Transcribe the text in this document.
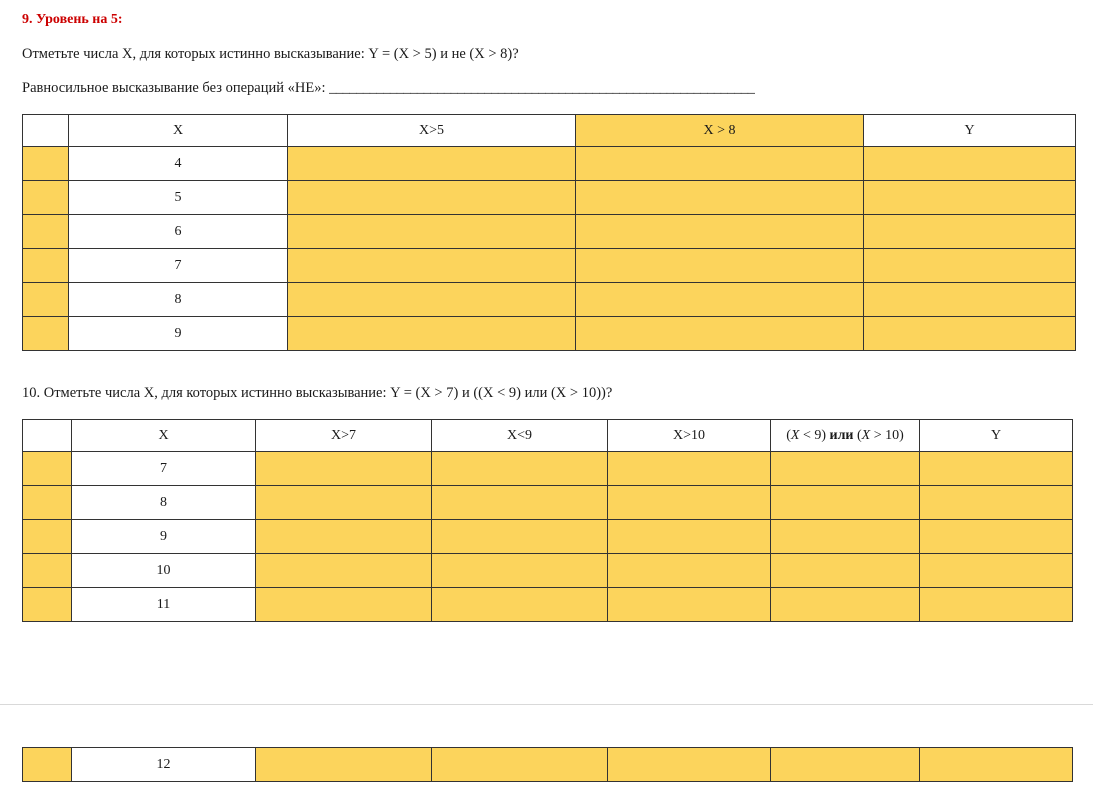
9. Уровень на 5:
Отметьте числа Х, для которых истинно высказывание: Y = (X > 5) и не (X > 8)?
Равносильное высказывание без операций «НЕ»: _______________________________________________________________
	X	X>5	X > 8	Y
	4			
	5			
	6			
	7			
	8			
	9			
10. Отметьте числа Х, для которых истинно высказывание: Y = (X > 7) и ((X < 9) или (X > 10))?
	X	X>7	X<9	X>10	(X < 9) или (X > 10)	Y
	7					
	8					
	9					
	10					
	11					
	12					
